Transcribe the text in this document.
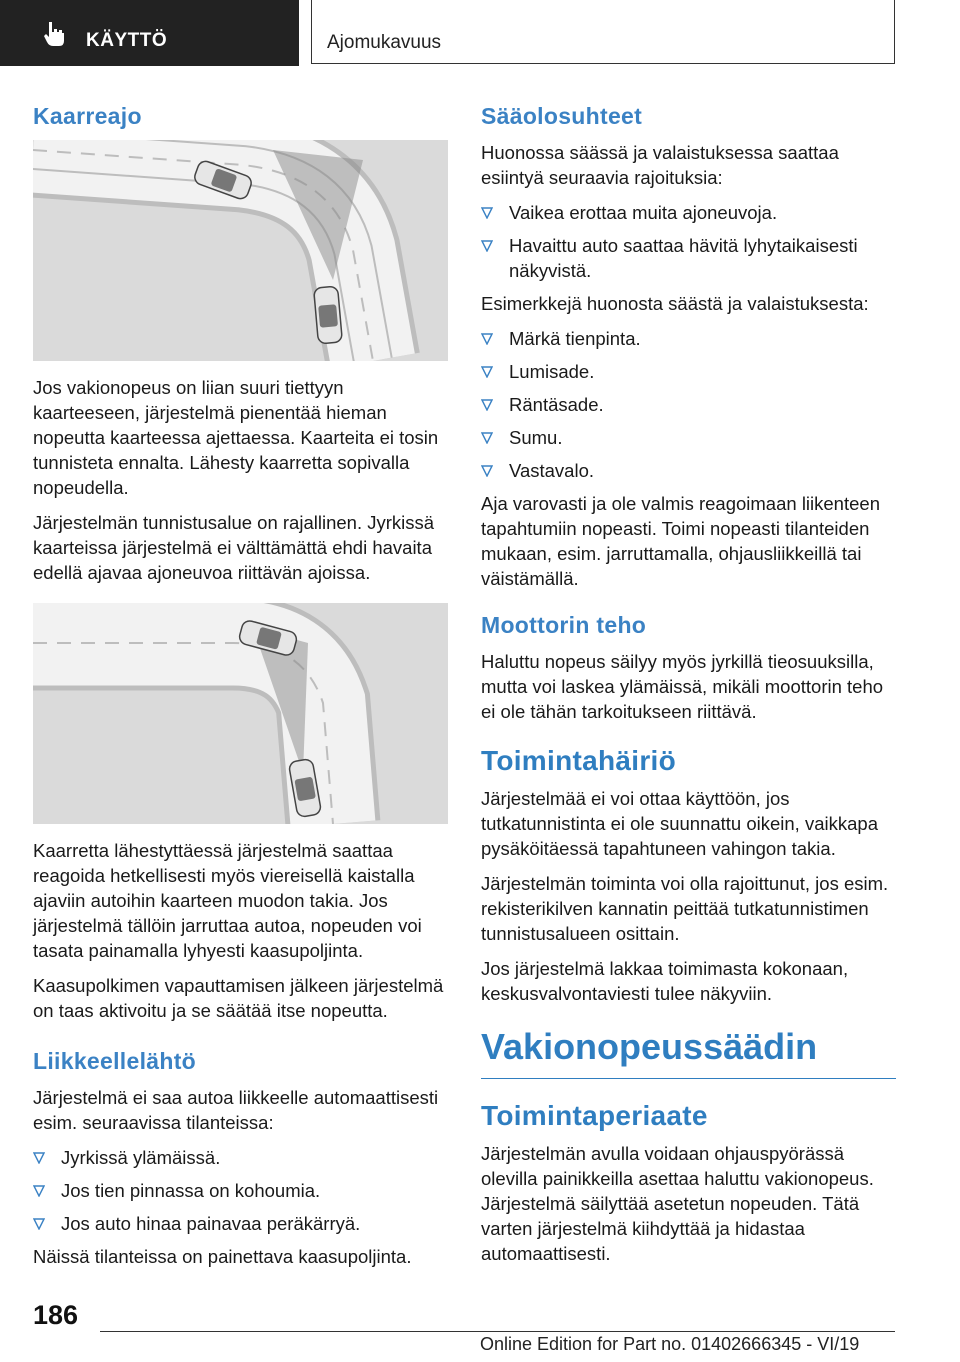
KÄYTTÖ	Ajomukavuus
Kaarreajo

Jos vakionopeus on liian suuri tiettyyn kaarteeseen, järjestelmä pienentää hieman nopeutta kaarteessa ajettaessa. Kaarteita ei tosin tunnisteta ennalta. Lähesty kaarretta sopivalla nopeudella.

Järjestelmän tunnistusalue on rajallinen. Jyrkissä kaarteissa järjestelmä ei välttämättä ehdi havaita edellä ajavaa ajoneuvoa riittävän ajoissa.

Kaarretta lähestyttäessä järjestelmä saattaa reagoida hetkellisesti myös viereisellä kaistalla ajaviin autoihin kaarteen muodon takia. Jos järjestelmä tällöin jarruttaa autoa, nopeuden voi tasata painamalla lyhyesti kaasupoljinta.

Kaasupolkimen vapauttamisen jälkeen järjestelmä on taas aktivoitu ja se säätää itse nopeutta.

Liikkeellelähtö

Järjestelmä ei saa autoa liikkeelle automaattisesti esim. seuraavissa tilanteissa:

Jyrkissä ylämäissä.
Jos tien pinnassa on kohoumia.
Jos auto hinaa painavaa peräkärryä.

Näissä tilanteissa on painettava kaasupoljinta.

Sääolosuhteet

Huonossa säässä ja valaistuksessa saattaa esiintyä seuraavia rajoituksia:

Vaikea erottaa muita ajoneuvoja.
Havaittu auto saattaa hävitä lyhytaikaisesti näkyvistä.

Esimerkkejä huonosta säästä ja valaistuksesta:

Märkä tienpinta.
Lumisade.
Räntäsade.
Sumu.
Vastavalo.

Aja varovasti ja ole valmis reagoimaan liikenteen tapahtumiin nopeasti. Toimi nopeasti tilanteiden mukaan, esim. jarruttamalla, ohjausliikkeillä tai väistämällä.

Moottorin teho

Haluttu nopeus säilyy myös jyrkillä tieosuuksilla, mutta voi laskea ylämäissä, mikäli moottorin teho ei ole tähän tarkoitukseen riittävä.

Toimintahäiriö

Järjestelmää ei voi ottaa käyttöön, jos tutkatunnistinta ei ole suunnattu oikein, vaikkapa pysäköitäessä tapahtuneen vahingon takia.

Järjestelmän toiminta voi olla rajoittunut, jos esim. rekisterikilven kannatin peittää tutkatunnistimen tunnistusalueen osittain.

Jos järjestelmä lakkaa toimimasta kokonaan, keskusvalvontaviesti tulee näkyviin.

Vakionopeussäädin
Toimintaperiaate

Järjestelmän avulla voidaan ohjauspyörässä olevilla painikkeilla asettaa haluttu vakionopeus. Järjestelmä säilyttää asetetun nopeuden. Tätä varten järjestelmä kiihdyttää ja hidastaa automaattisesti.

186
Online Edition for Part no. 01402666345 - VI/19
